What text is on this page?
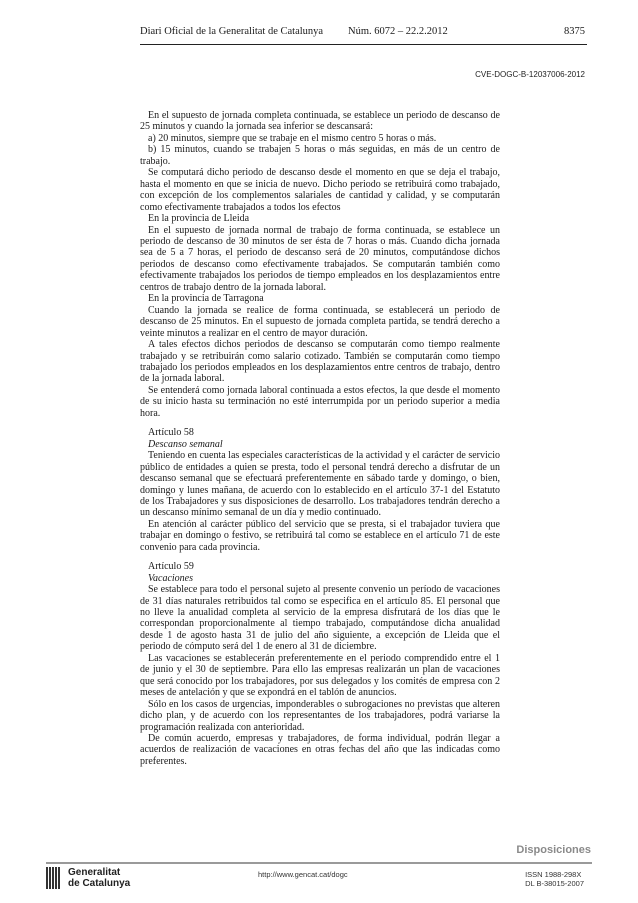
Diari Oficial de la Generalitat de Catalunya Núm. 6072 – 22.2.2012	8375
CVE-DOGC-B-12037006-2012

En el supuesto de jornada completa continuada, se establece un periodo de descanso de 25 minutos y cuando la jornada sea inferior se descansará:

a) 20 minutos, siempre que se trabaje en el mismo centro 5 horas o más.

b) 15 minutos, cuando se trabajen 5 horas o más seguidas, en más de un centro de trabajo.

Se computará dicho periodo de descanso desde el momento en que se deja el trabajo, hasta el momento en que se inicia de nuevo. Dicho periodo se retribuirá como trabajado, con excepción de los complementos salariales de cantidad y calidad, y se computarán como efectivamente trabajados a todos los efectos

En la provincia de Lleida

En el supuesto de jornada normal de trabajo de forma continuada, se establece un periodo de descanso de 30 minutos de ser ésta de 7 horas o más. Cuando dicha jornada sea de 5 a 7 horas, el periodo de descanso será de 20 minutos, computándose dichos periodos de descanso como efectivamente trabajados. Se computarán también como efectivamente trabajados los periodos de tiempo empleados en los desplazamientos entre centros de trabajo dentro de la jornada laboral.

En la provincia de Tarragona

Cuando la jornada se realice de forma continuada, se establecerá un periodo de descanso de 25 minutos. En el supuesto de jornada completa partida, se tendrá derecho a veinte minutos a realizar en el centro de mayor duración.

A tales efectos dichos periodos de descanso se computarán como tiempo realmente trabajado y se retribuirán como salario cotizado. También se computarán como tiempo trabajado los periodos empleados en los desplazamientos entre centros de trabajo, dentro de la jornada laboral.

Se entenderá como jornada laboral continuada a estos efectos, la que desde el momento de su inicio hasta su terminación no esté interrumpida por un periodo superior a media hora.

Artículo 58

Descanso semanal

Teniendo en cuenta las especiales características de la actividad y el carácter de servicio público de entidades a quien se presta, todo el personal tendrá derecho a disfrutar de un descanso semanal que se efectuará preferentemente en sábado tarde y domingo, o bien, domingo y lunes mañana, de acuerdo con lo establecido en el artículo 37-1 del Estatuto de los Trabajadores y sus disposiciones de desarrollo. Los trabajadores tendrán derecho a un descanso mínimo semanal de un día y medio continuado.

En atención al carácter público del servicio que se presta, si el trabajador tuviera que trabajar en domingo o festivo, se retribuirá tal como se establece en el artículo 71 de este convenio para cada provincia.

Artículo 59

Vacaciones

Se establece para todo el personal sujeto al presente convenio un período de vacaciones de 31 días naturales retribuidos tal como se especifica en el artículo 85. El personal que no lleve la anualidad completa al servicio de la empresa disfrutará de los días que le correspondan proporcionalmente al tiempo trabajado, computándose dicha anualidad desde 1 de agosto hasta 31 de julio del año siguiente, a excepción de Lleida que el periodo de cómputo será del 1 de enero al 31 de diciembre.

Las vacaciones se establecerán preferentemente en el periodo comprendido entre el 1 de junio y el 30 de septiembre. Para ello las empresas realizarán un plan de vacaciones que será conocido por los trabajadores, por sus delegados y los comités de empresa con 2 meses de antelación y que se expondrá en el tablón de anuncios.

Sólo en los casos de urgencias, imponderables o subrogaciones no previstas que alteren dicho plan, y de acuerdo con los representantes de los trabajadores, podrá variarse la programación realizada con anterioridad.

De común acuerdo, empresas y trabajadores, de forma individual, podrán llegar a acuerdos de realización de vacaciones en otras fechas del año que las indicadas como preferentes.

Disposiciones
Generalitat
de Catalunya
http://www.gencat.cat/dogc	ISSN 1988-298X
DL B-38015-2007
